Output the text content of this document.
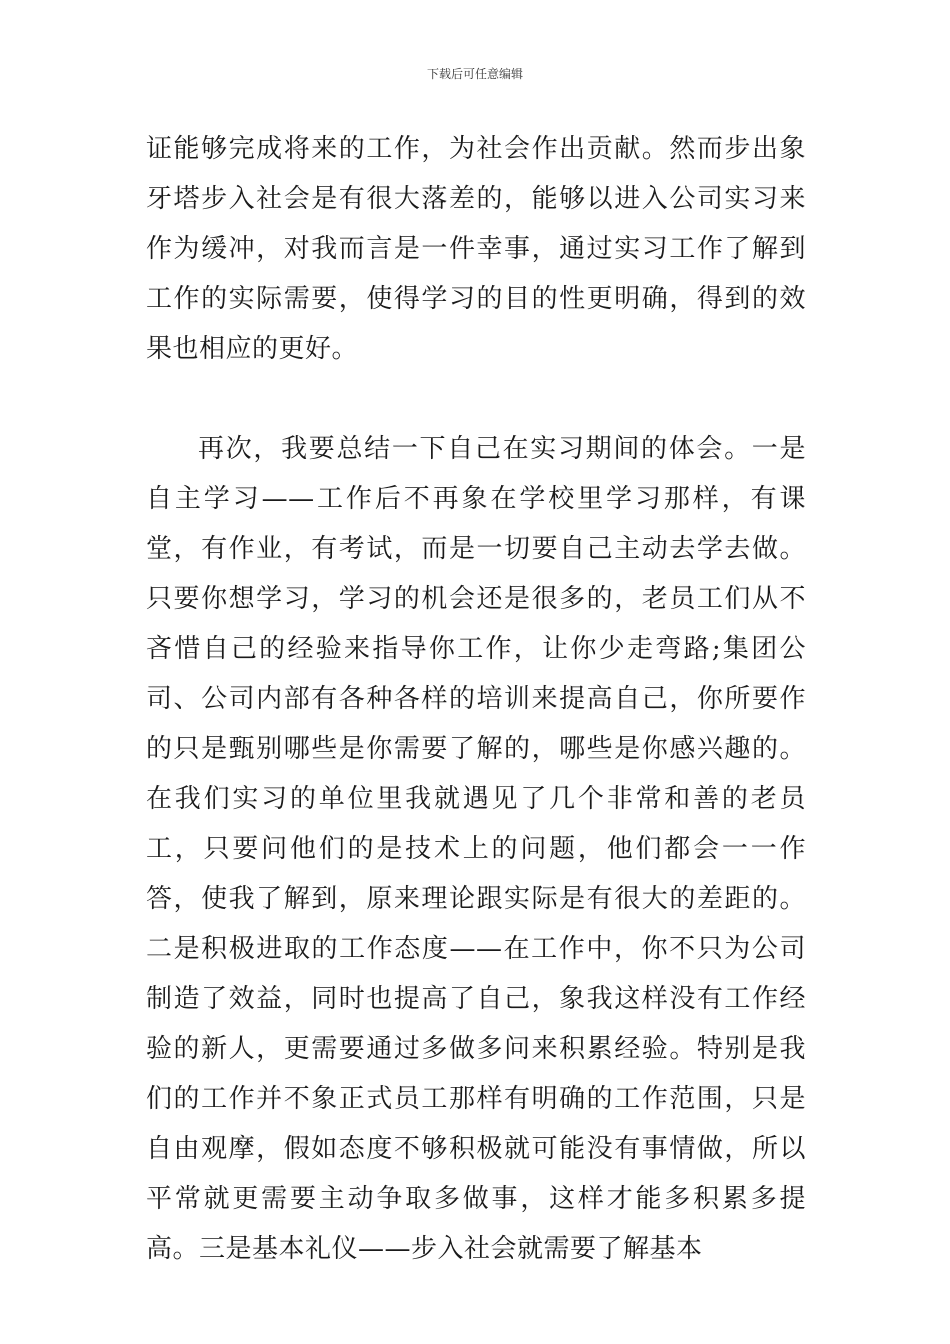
下载后可任意编辑

证能够完成将来的工作，为社会作出贡献。然而步出象牙塔步入社会是有很大落差的，能够以进入公司实习来作为缓冲，对我而言是一件幸事，通过实习工作了解到工作的实际需要，使得学习的目的性更明确，得到的效果也相应的更好。

再次，我要总结一下自己在实习期间的体会。一是自主学习——工作后不再象在学校里学习那样，有课堂，有作业，有考试，而是一切要自己主动去学去做。只要你想学习，学习的机会还是很多的，老员工们从不吝惜自己的经验来指导你工作，让你少走弯路;集团公司、公司内部有各种各样的培训来提高自己，你所要作的只是甄别哪些是你需要了解的，哪些是你感兴趣的。在我们实习的单位里我就遇见了几个非常和善的老员工，只要问他们的是技术上的问题，他们都会一一作答，使我了解到，原来理论跟实际是有很大的差距的。二是积极进取的工作态度——在工作中，你不只为公司制造了效益，同时也提高了自己，象我这样没有工作经验的新人，更需要通过多做多问来积累经验。特别是我们的工作并不象正式员工那样有明确的工作范围，只是自由观摩，假如态度不够积极就可能没有事情做，所以平常就更需要主动争取多做事，这样才能多积累多提高。三是基本礼仪——步入社会就需要了解基本
